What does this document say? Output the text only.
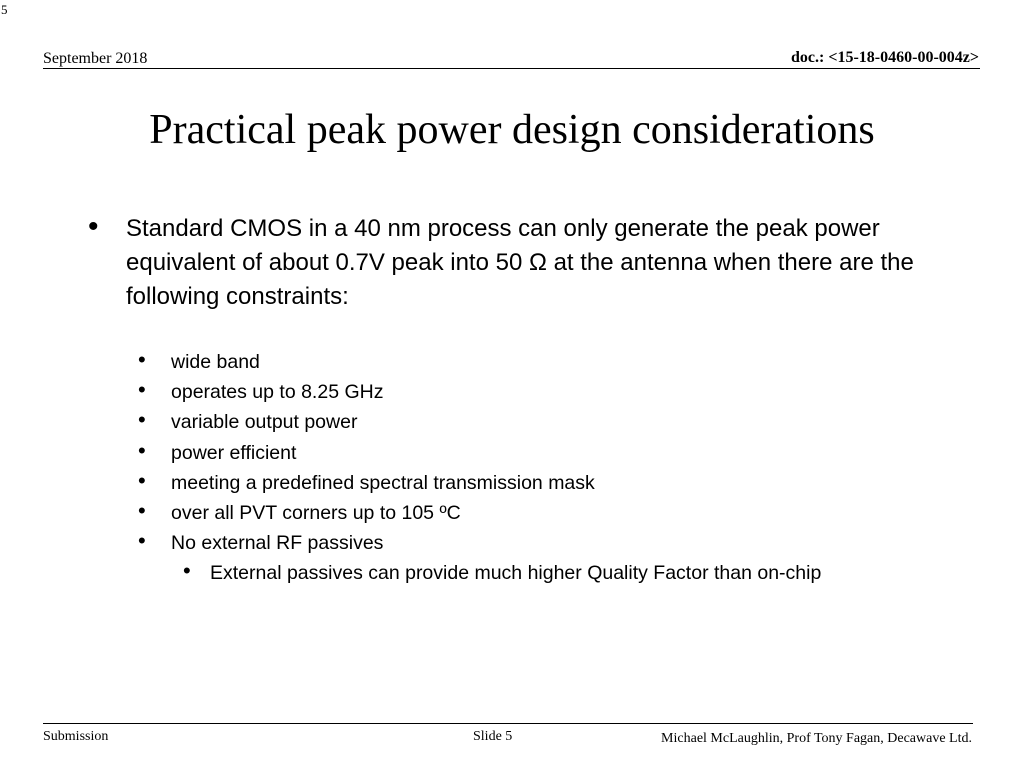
5
September 2018	doc.: <15-18-0460-00-004z>
Practical peak power design considerations
• Standard CMOS in a 40 nm process can only generate the peak power equivalent of about 0.7V peak into 50 Ω at the antenna when there are the following constraints:
• wide band
• operates up to 8.25 GHz
• variable output power
• power efficient
• meeting a predefined spectral transmission mask
• over all PVT corners up to 105 ºC
• No external RF passives
• External passives can provide much higher Quality Factor than on-chip
Submission	Slide 5	Michael McLaughlin, Prof Tony Fagan, Decawave Ltd.
